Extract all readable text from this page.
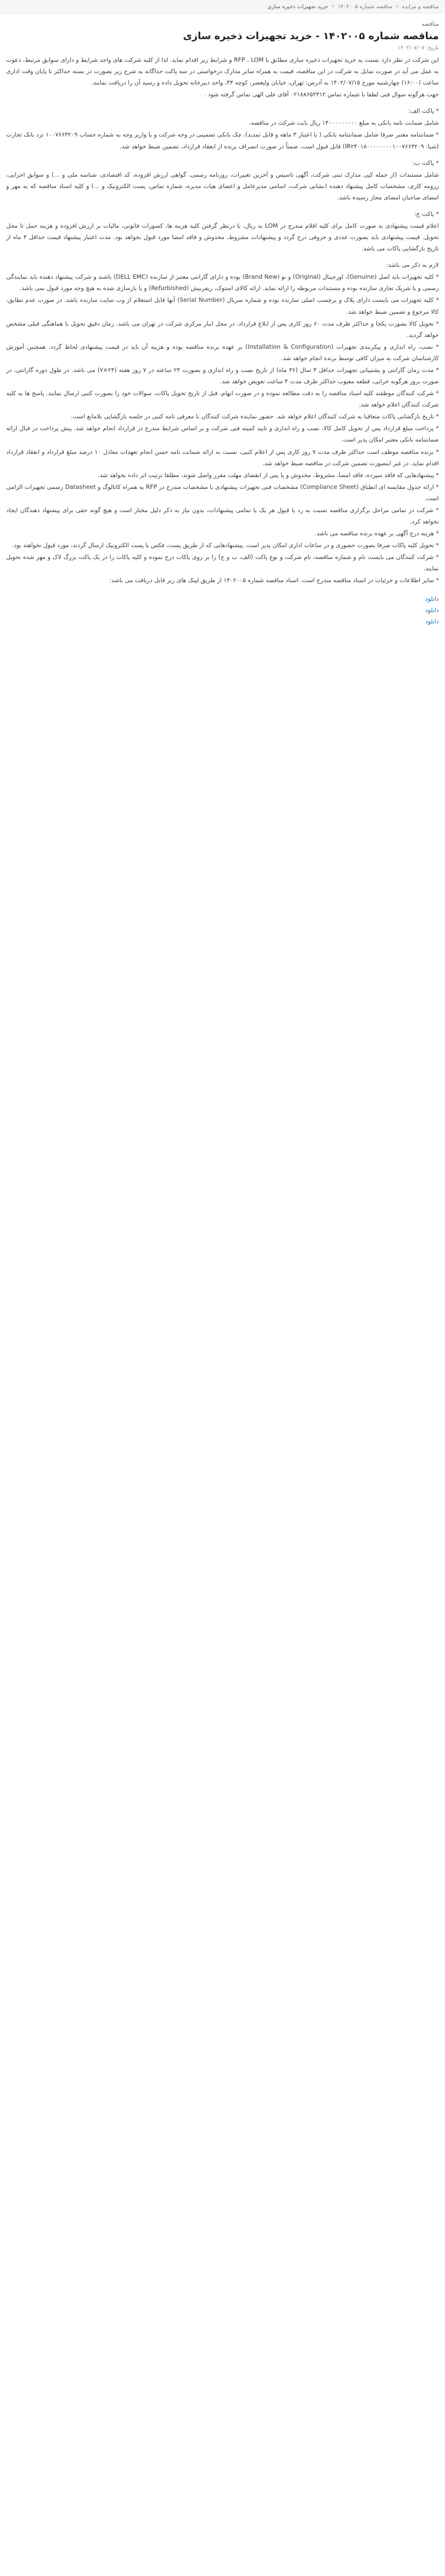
مناقصه و مزایده
«
مناقصه شماره ۱۴۰۲۰۰۵
«
خرید تجهیزات ذخیره سازی
مناقصه
مناقصه شماره ۱۴۰۲۰۰۵ - خرید تجهیزات ذخیره سازی
تاریخ: ۱۴۰۲/۰۷/۰۷

این شرکت در نظر دارد نسبت به خرید تجهیزات ذخیره سازی مطابق با RFP ، LOM و شرایط زیر اقدام نماید. لذا از کلیه شرکت های واجد شرایط و دارای سوابق مرتبط، دعوت به عمل می آید در صورت تمایل به شرکت در این مناقصه، قیمت به همراه سایر مدارک درخواستی در سه پاکت جداگانه به شرح زیر بصورت در بسته حداکثر تا پایان وقت اداری ساعت (۱۶:۰۰) چهارشنبه مورخ ۱۴۰۲/۰۷/۱۵ به آدرس: تهران، خیابان ولیعصر، کوچه ۴۳، واحد دبیرخانه تحویل داده و رسید آن را دریافت نمایند.

جهت هرگونه سوال فنی لطفا با شماره تماس ۰۲۱۸۸۶۵۲۳۱۲ آقای علی الهی تماس گرفته شود .

* پاکت الف:

شامل ضمانت نامه بانکی به مبلغ ۱۴۰۰۰۰۰۰۰۰۰ ریال بابت شرکت در مناقصه.

* ضمانتنامه معتبر صرفا شامل ضمانتنامه بانکی ( یا اعتبار ۳ ماهه و قابل تمدید)، چک بانکی تضمینی در وجه شرکت و یا واریز وجه به شماره حساب ۱۰۰۷۶۶۳۲۰۹ نزد بانک تجارت (شبا: IR۲۴۰۱۸۰۰۰۰۰۰۰۰۱۰۰۷۶۶۳۲۰۹) قابل قبول است. ضمناً در صورت انصراف برنده از انعقاد قرارداد، تضمین ضبط خواهد شد.

* پاکت ب:

شامل مستندات (از جمله کپی مدارک ثبتی شرکت، آگهی تاسیس و آخرین تغییرات، روزنامه رسمی، گواهی ارزش افزوده، کد اقتصادی، شناسه ملی و ...) و سوابق اجرایی، رزومه کاری، مشخصات کامل پیشنهاد دهنده (نشانی شرکت، اسامی مدیرعامل و اعضای هیات مدیره، شماره تماس، پست الکترونیک و ...) و کلیه اسناد مناقصه که به مهر و امضای صاحبان امضای مجاز رسیده باشد.

* پاکت ج:

اعلام قیمت پیشنهادی به صورت کامل برای کلیه اقلام مندرج در LOM به ریال، با درنظر گرفتن کلیه هزینه ها، کسورات قانونی، مالیات بر ارزش افزوده و هزینه حمل تا محل تحویل. قیمت پیشنهادی باید بصورت عددی و حروفی درج گردد و پیشنهادات مشروط، مخدوش و فاقد امضا مورد قبول نخواهد بود. مدت اعتبار پیشنهاد قیمت حداقل ۳ ماه از تاریخ بازگشایی پاکات می باشد.

لازم به ذکر می باشد:

* کلیه تجهیزات باید اصل (Genuine)، اورجینال (Original) و نو (Brand New) بوده و دارای گارانتی معتبر از سازنده (DELL EMC) باشند و شرکت پیشنهاد دهنده باید نمایندگی رسمی و یا شریک تجاری سازنده بوده و مستندات مربوطه را ارائه نماید. ارائه کالای استوک، ریفربیش (Refurbished) و یا بازسازی شده به هیچ وجه مورد قبول نمی باشد.

* کلیه تجهیزات می بایست دارای پلاک و برچسب اصلی سازنده بوده و شماره سریال (Serial Number) آنها قابل استعلام از وب سایت سازنده باشد. در صورت عدم تطابق، کالا مرجوع و تضمین ضبط خواهد شد.

* تحویل کالا بصورت یکجا و حداکثر ظرف مدت ۶۰ روز کاری پس از ابلاغ قرارداد، در محل انبار مرکزی شرکت در تهران می باشد. زمان دقیق تحویل با هماهنگی قبلی مشخص خواهد گردید.

* نصب، راه اندازی و پیکربندی تجهیزات (Installation & Configuration) بر عهده برنده مناقصه بوده و هزینه آن باید در قیمت پیشنهادی لحاظ گردد. همچنین آموزش کارشناسان شرکت به میزان کافی توسط برنده انجام خواهد شد.

* مدت زمان گارانتی و پشتیبانی تجهیزات حداقل ۳ سال (۳۶ ماه) از تاریخ نصب و راه اندازی و بصورت ۲۴ ساعته در ۷ روز هفته (۲۴×۷) می باشد. در طول دوره گارانتی، در صورت بروز هرگونه خرابی، قطعه معیوب حداکثر ظرف مدت ۴ ساعت تعویض خواهد شد.

* شرکت کنندگان موظفند کلیه اسناد مناقصه را به دقت مطالعه نموده و در صورت ابهام، قبل از تاریخ تحویل پاکات، سوالات خود را بصورت کتبی ارسال نمایند. پاسخ ها به کلیه شرکت کنندگان اعلام خواهد شد.

* تاریخ بازگشایی پاکات متعاقبا به شرکت کنندگان اعلام خواهد شد. حضور نماینده شرکت کنندگان با معرفی نامه کتبی در جلسه بازگشایی بلامانع است.

* پرداخت مبلغ قرارداد پس از تحویل کامل کالا، نصب و راه اندازی و تایید کمیته فنی شرکت و بر اساس شرایط مندرج در قرارداد انجام خواهد شد. پیش پرداخت در قبال ارائه ضمانتنامه بانکی معتبر امکان پذیر است.

* برنده مناقصه موظف است حداکثر ظرف مدت ۷ روز کاری پس از اعلام کتبی، نسبت به ارائه ضمانت نامه حسن انجام تعهدات معادل ۱۰ درصد مبلغ قرارداد و انعقاد قرارداد اقدام نماید. در غیر اینصورت تضمین شرکت در مناقصه ضبط خواهد شد.

* پیشنهادهایی که فاقد سپرده، فاقد امضا، مشروط، مخدوش و یا پس از انقضای مهلت مقرر واصل شوند، مطلقا ترتیب اثر داده نخواهد شد.

* ارائه جدول مقایسه ای انطباق (Compliance Sheet) مشخصات فنی تجهیزات پیشنهادی با مشخصات مندرج در RFP به همراه کاتالوگ و Datasheet رسمی تجهیزات الزامی است.

* شرکت در تمامی مراحل برگزاری مناقصه نسبت به رد یا قبول هر یک یا تمامی پیشنهادات، بدون نیاز به ذکر دلیل مختار است و هیچ گونه حقی برای پیشنهاد دهندگان ایجاد نخواهد کرد.

* هزینه درج آگهی بر عهده برنده مناقصه می باشد.

* تحویل کلیه پاکات صرفا بصورت حضوری و در ساعات اداری امکان پذیر است. پیشنهادهایی که از طریق پست، فکس یا پست الکترونیک ارسال گردند، مورد قبول نخواهند بود.

* شرکت کنندگان می بایست نام و شماره مناقصه، نام شرکت و نوع پاکت (الف، ب و ج) را بر روی پاکات درج نموده و کلیه پاکات را در یک پاکت بزرگ لاک و مهر شده تحویل نمایند.

* سایر اطلاعات و جزئیات در اسناد مناقصه مندرج است. اسناد مناقصه شماره ۱۴۰۲۰۰۵ از طریق لینک های زیر قابل دریافت می باشد:

دانلود
دانلود
دانلود
